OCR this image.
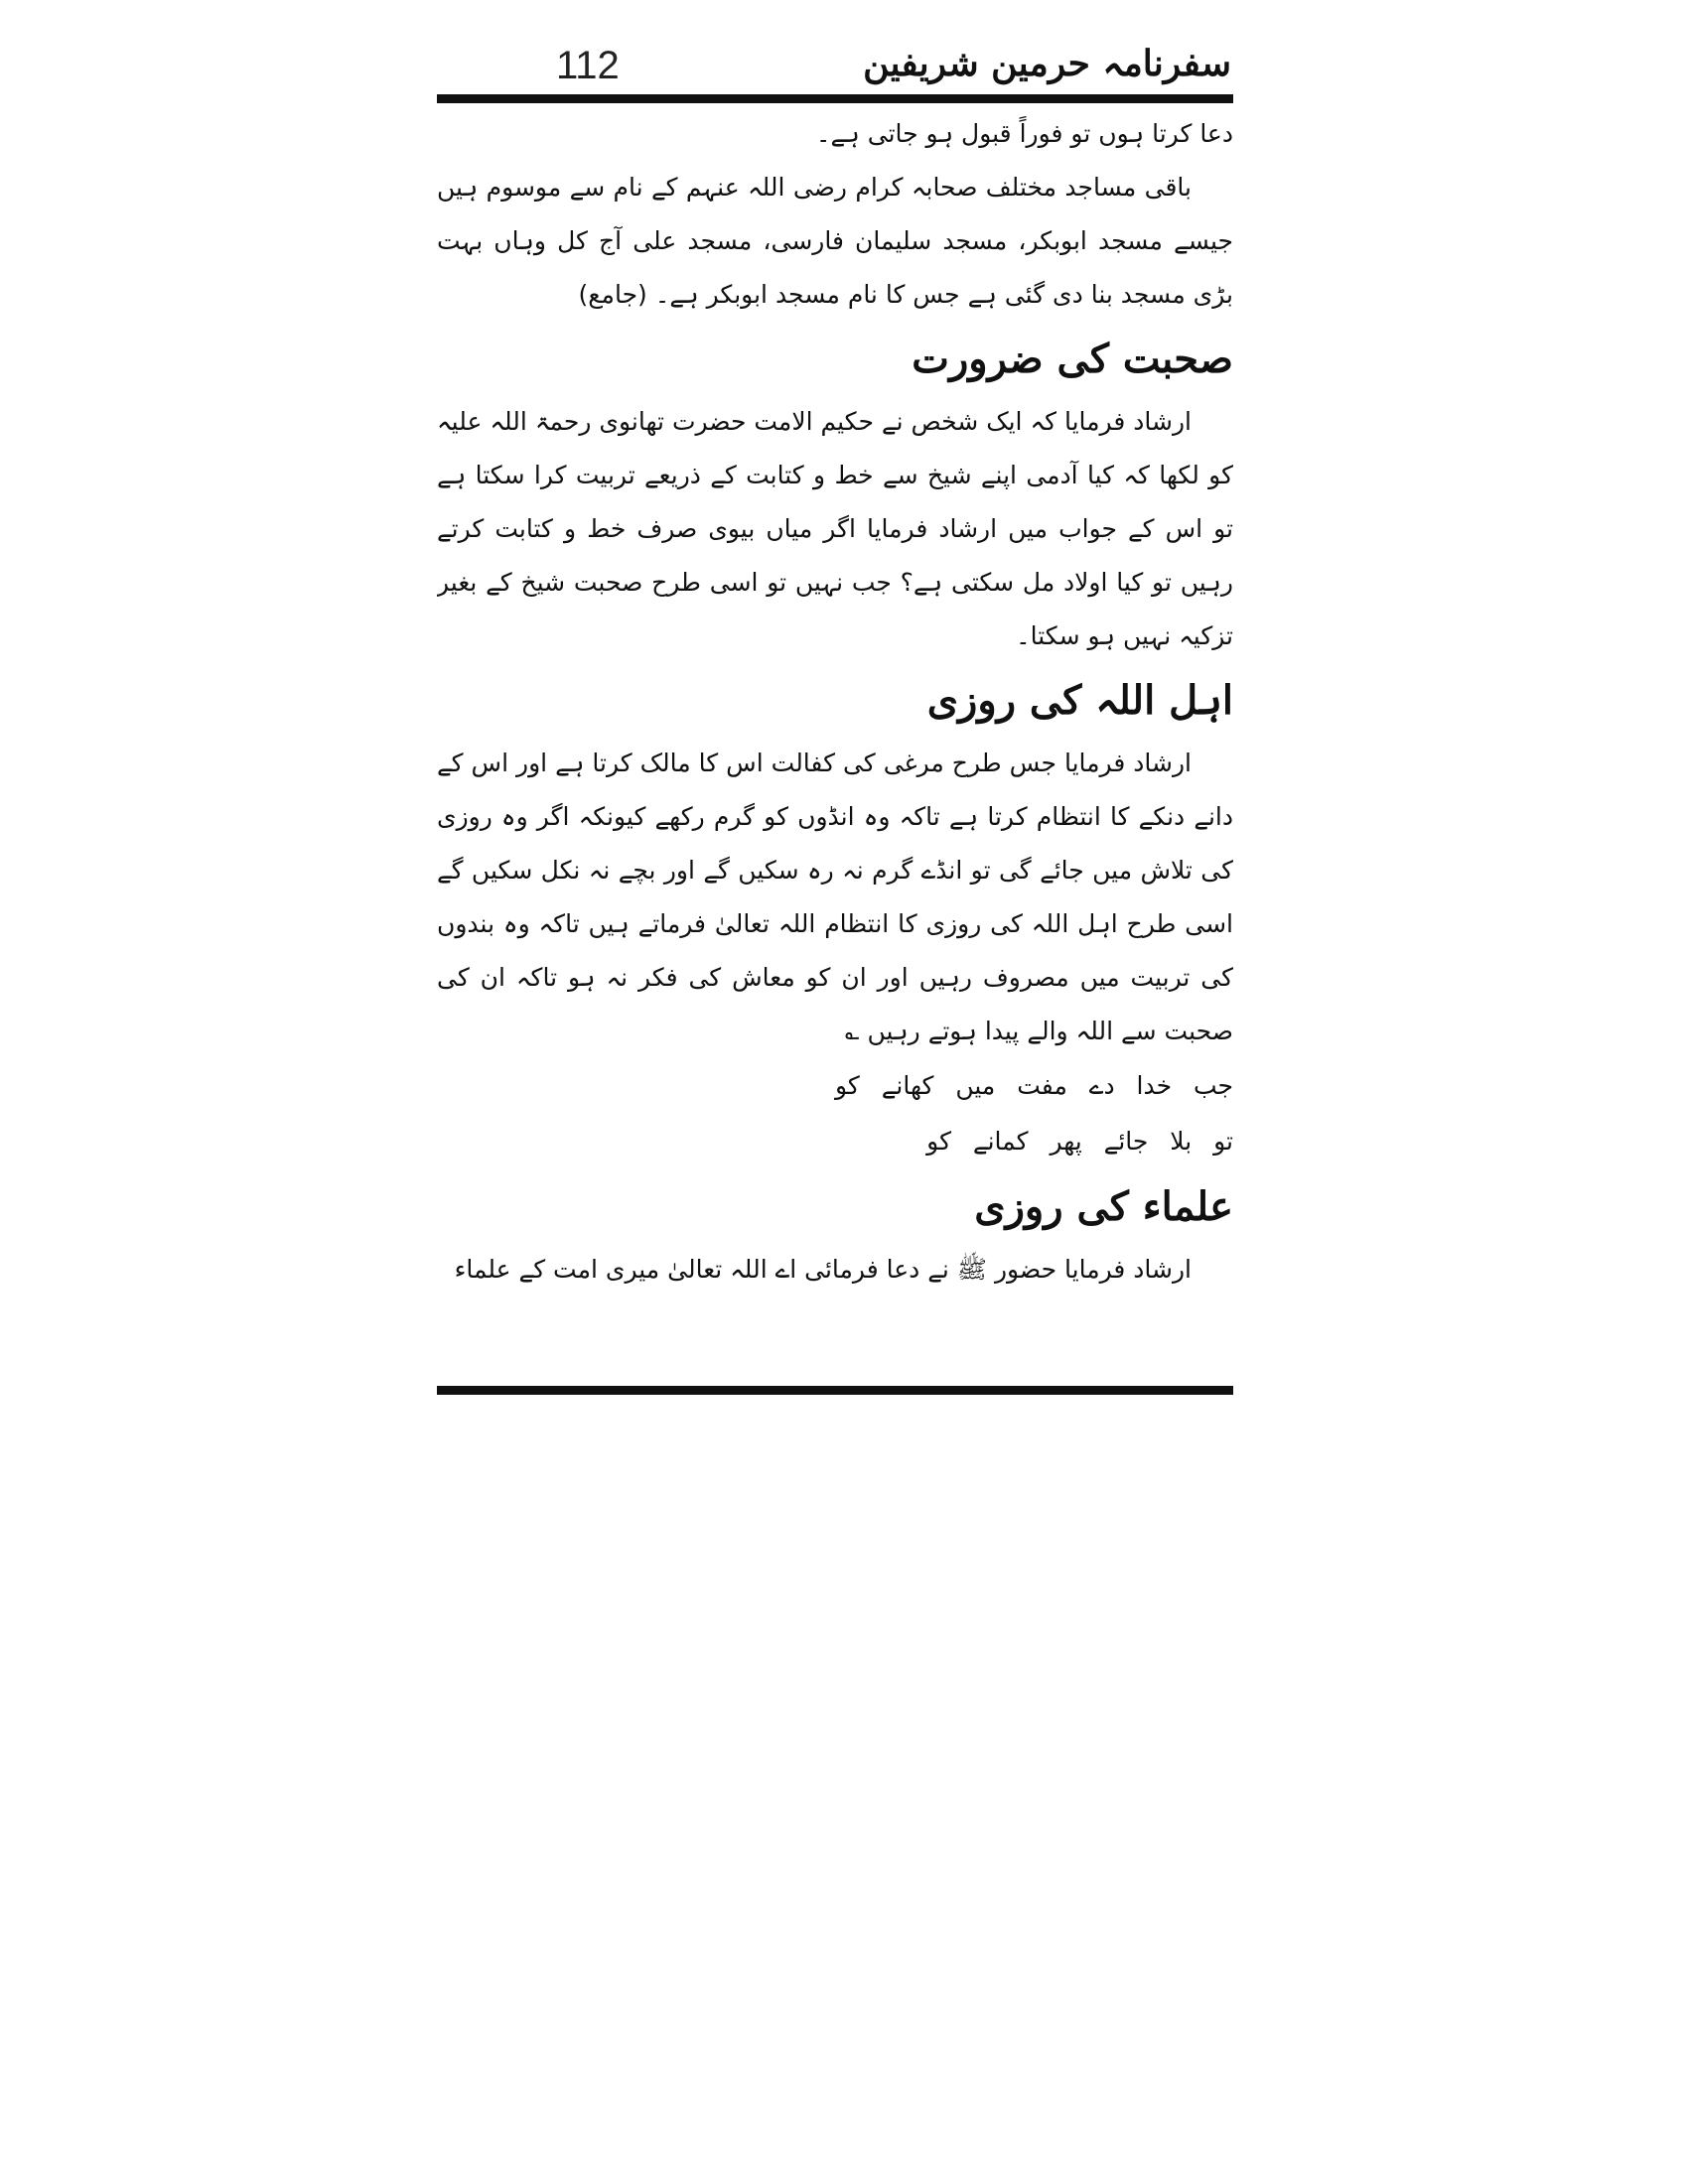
112	سفرنامہ حرمین شریفین

دعا کرتا ہوں تو فوراً قبول ہو جاتی ہے۔

باقی مساجد مختلف صحابہ کرام رضی اللہ عنہم کے نام سے موسوم ہیں جیسے مسجد ابوبکر، مسجد سلیمان فارسی، مسجد علی آج کل وہاں بہت بڑی مسجد بنا دی گئی ہے جس کا نام مسجد ابوبکر ہے۔ (جامع)

صحبت کی ضرورت

ارشاد فرمایا کہ ایک شخص نے حکیم الامت حضرت تھانوی رحمۃ اللہ علیہ کو لکھا کہ کیا آدمی اپنے شیخ سے خط و کتابت کے ذریعے تربیت کرا سکتا ہے تو اس کے جواب میں ارشاد فرمایا اگر میاں بیوی صرف خط و کتابت کرتے رہیں تو کیا اولاد مل سکتی ہے؟ جب نہیں تو اسی طرح صحبت شیخ کے بغیر تزکیہ نہیں ہو سکتا۔

اہل اللہ کی روزی

ارشاد فرمایا جس طرح مرغی کی کفالت اس کا مالک کرتا ہے اور اس کے دانے دنکے کا انتظام کرتا ہے تاکہ وہ انڈوں کو گرم رکھے کیونکہ اگر وہ روزی کی تلاش میں جائے گی تو انڈے گرم نہ رہ سکیں گے اور بچے نہ نکل سکیں گے اسی طرح اہل اللہ کی روزی کا انتظام اللہ تعالیٰ فرماتے ہیں تاکہ وہ بندوں کی تربیت میں مصروف رہیں اور ان کو معاش کی فکر نہ ہو تاکہ ان کی صحبت سے اللہ والے پیدا ہوتے رہیں ؎

جب خدا دے مفت میں کھانے کو

تو بلا جائے پھر کمانے کو

علماء کی روزی

ارشاد فرمایا حضور ﷺ نے دعا فرمائی اے اللہ تعالیٰ میری امت کے علماء
